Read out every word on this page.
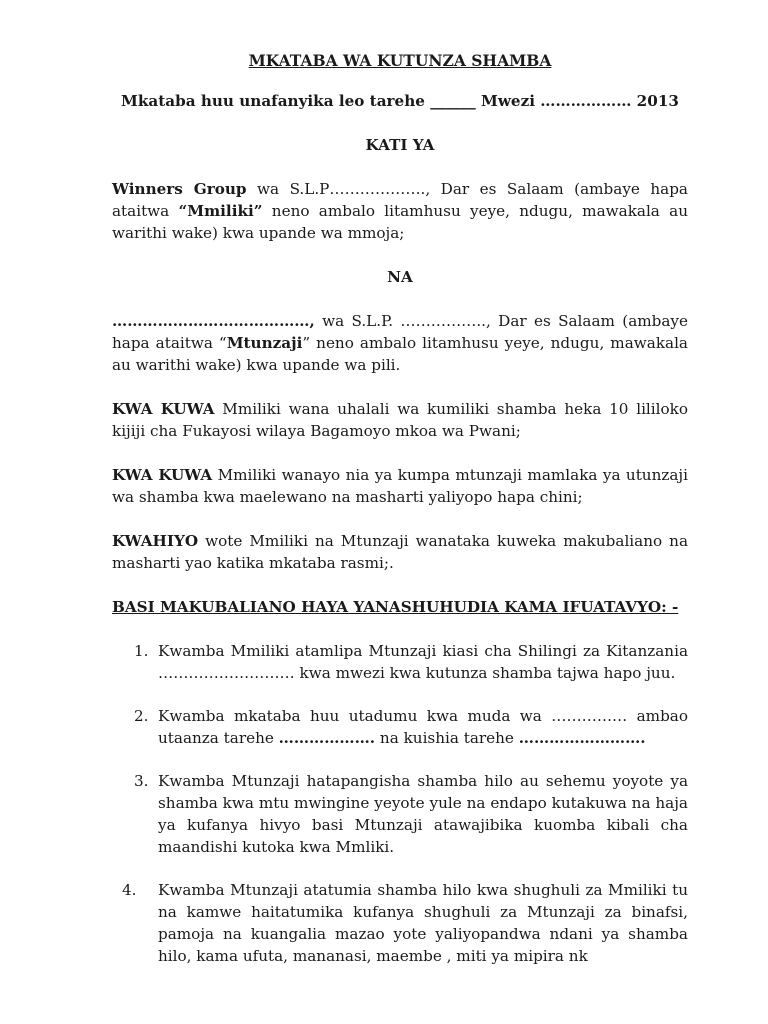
MKATABA WA KUTUNZA SHAMBA
Mkataba huu unafanyika leo tarehe ______ Mwezi ……………… 2013
KATI YA

Winners Group wa S.L.P………………., Dar es Salaam (ambaye hapa ataitwa “Mmiliki” neno ambalo litamhusu yeye, ndugu, mawakala au warithi wake) kwa upande wa mmoja;

NA

…………………………………, wa S.L.P. …………….., Dar es Salaam (ambaye hapa ataitwa “Mtunzaji” neno ambalo litamhusu yeye, ndugu, mawakala au warithi wake) kwa upande wa pili.

KWA KUWA Mmiliki wana uhalali wa kumiliki shamba heka 10 lililoko kijiji cha Fukayosi wilaya Bagamoyo mkoa wa Pwani;

KWA KUWA Mmiliki wanayo nia ya kumpa mtunzaji mamlaka ya utunzaji wa shamba kwa maelewano na masharti yaliyopo hapa chini;

KWAHIYO wote Mmiliki na Mtunzaji wanataka kuweka makubaliano na masharti yao katika mkataba rasmi;.

BASI MAKUBALIANO HAYA YANASHUHUDIA KAMA IFUATAVYO: -
1. Kwamba Mmiliki atamlipa Mtunzaji kiasi cha Shilingi za Kitanzania ……………………… kwa mwezi kwa kutunza shamba tajwa hapo juu.
2. Kwamba mkataba huu utadumu kwa muda wa …………… ambao utaanza tarehe ………………. na kuishia tarehe …………………….
3. Kwamba Mtunzaji hatapangisha shamba hilo au sehemu yoyote ya shamba kwa mtu mwingine yeyote yule na endapo kutakuwa na haja ya kufanya hivyo basi Mtunzaji atawajibika kuomba kibali cha maandishi kutoka kwa Mmliki.
4. Kwamba Mtunzaji atatumia shamba hilo kwa shughuli za Mmiliki tu na kamwe haitatumika kufanya shughuli za Mtunzaji za binafsi, pamoja na kuangalia mazao yote yaliyopandwa ndani ya shamba hilo, kama ufuta, mananasi, maembe , miti ya mipira nk
